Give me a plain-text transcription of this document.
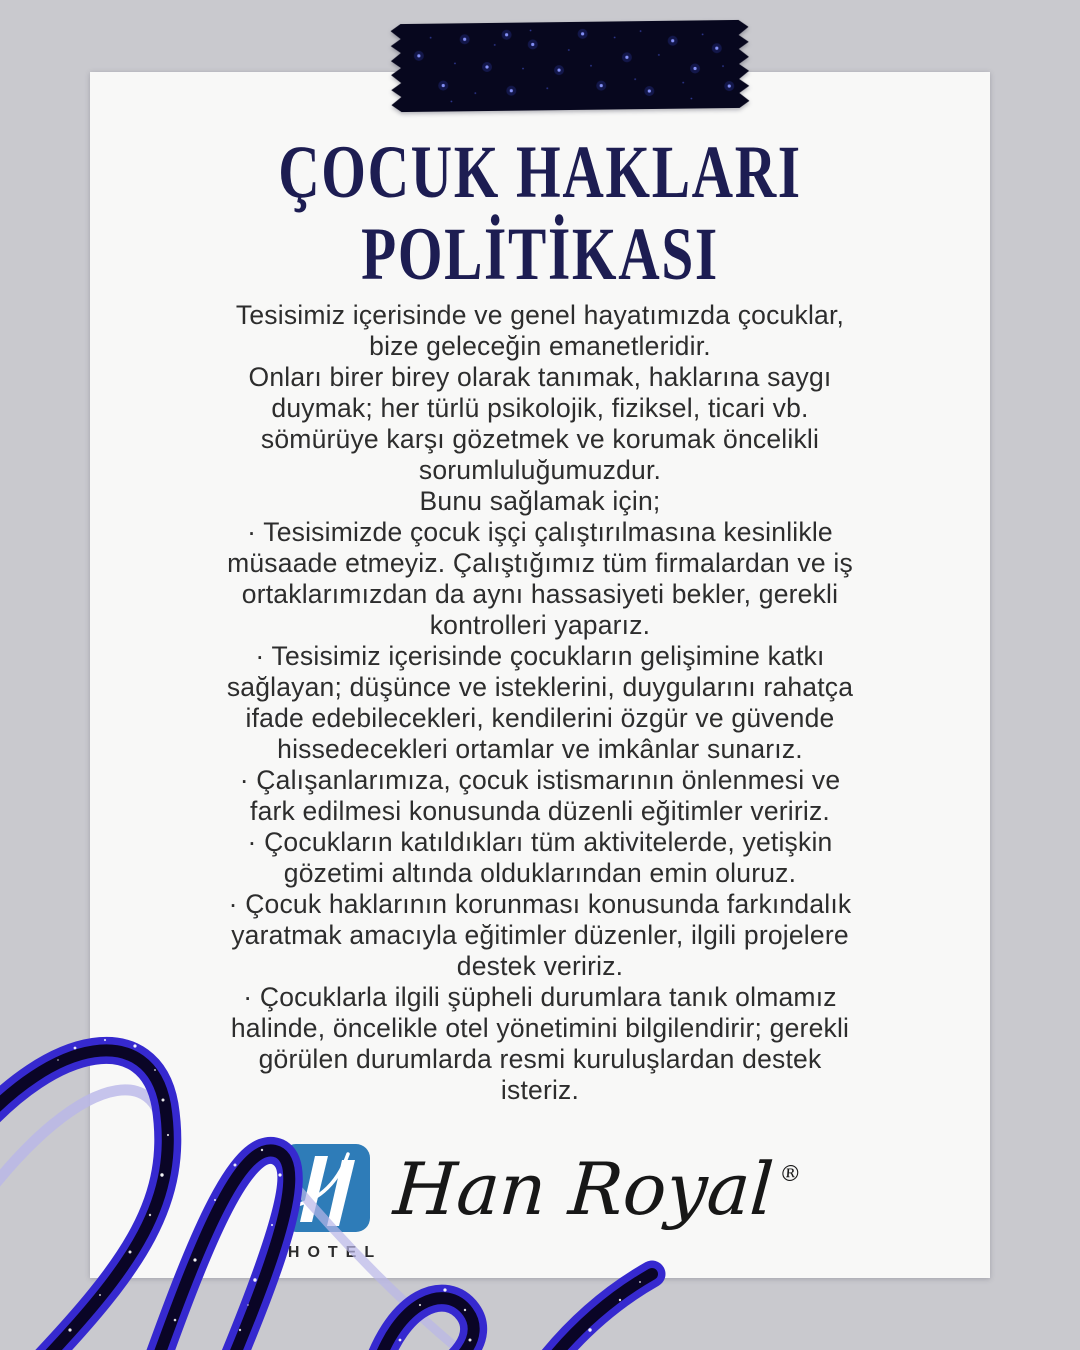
ÇOCUK HAKLARI
POLİTİKASI

Tesisimiz içerisinde ve genel hayatımızda çocuklar, bize geleceğin emanetleridir.

Onları birer birey olarak tanımak, haklarına saygı duymak; her türlü psikolojik, fiziksel, ticari vb. sömürüye karşı gözetmek ve korumak öncelikli sorumluluğumuzdur.

Bunu sağlamak için;

· Tesisimizde çocuk işçi çalıştırılmasına kesinlikle müsaade etmeyiz. Çalıştığımız tüm firmalardan ve iş ortaklarımızdan da aynı hassasiyeti bekler, gerekli kontrolleri yaparız.

· Tesisimiz içerisinde çocukların gelişimine katkı sağlayan; düşünce ve isteklerini, duygularını rahatça ifade edebilecekleri, kendilerini özgür ve güvende hissedecekleri ortamlar ve imkânlar sunarız.

· Çalışanlarımıza, çocuk istismarının önlenmesi ve fark edilmesi konusunda düzenli eğitimler veririz.

· Çocukların katıldıkları tüm aktivitelerde, yetişkin gözetimi altında olduklarından emin oluruz.

· Çocuk haklarının korunması konusunda farkındalık yaratmak amacıyla eğitimler düzenler, ilgili projelere destek veririz.

· Çocuklarla ilgili şüpheli durumlara tanık olmamız halinde, öncelikle otel yönetimini bilgilendirir; gerekli görülen durumlarda resmi kuruluşlardan destek isteriz.

HOTEL
Han Royal ®
